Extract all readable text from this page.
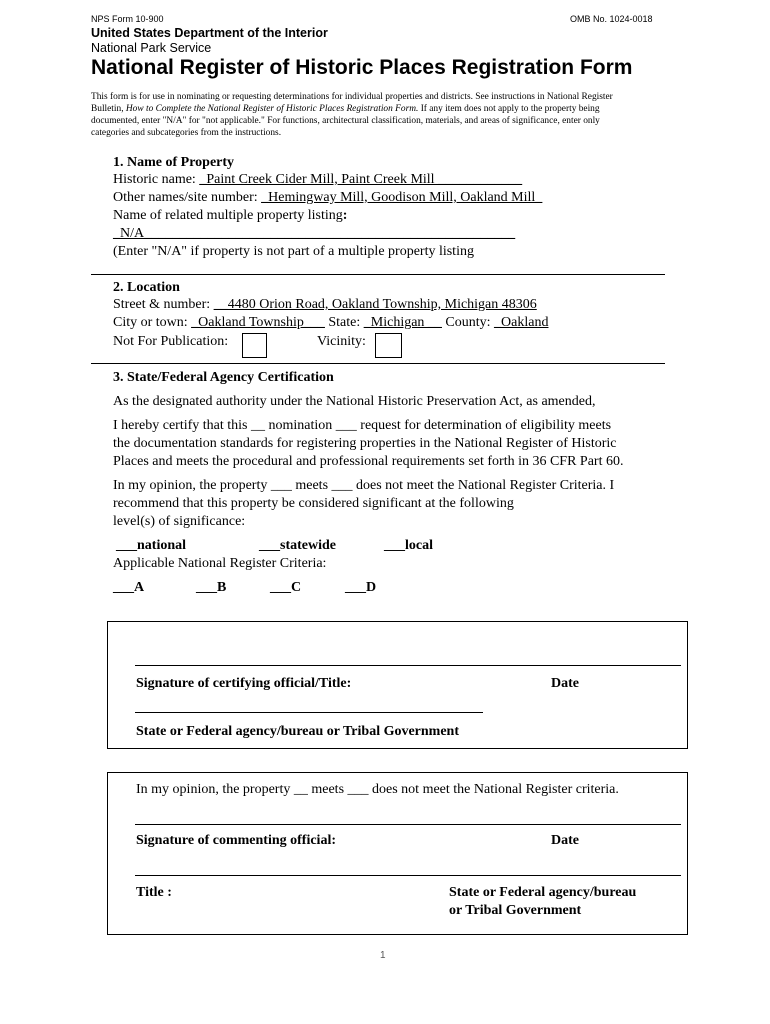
NPS Form 10-900	OMB No. 1024-0018
United States Department of the Interior
National Park Service
National Register of Historic Places Registration Form
This form is for use in nominating or requesting determinations for individual properties and districts. See instructions in National Register
Bulletin, How to Complete the National Register of Historic Places Registration Form. If any item does not apply to the property being
documented, enter "N/A" for "not applicable." For functions, architectural classification, materials, and areas of significance, enter only
categories and subcategories from the instructions.
1. Name of Property
Historic name: _Paint Creek Cider Mill, Paint Creek Mill ____________
Other names/site number: _Hemingway Mill, Goodison Mill, Oakland Mill_
Name of related multiple property listing:
_N/A_____________________________________________________
(Enter "N/A" if property is not part of a multiple property listing
2. Location
Street & number: __4480 Orion Road, Oakland Township, Michigan 48306
City or town: _Oakland Township___ State: _Michigan __ County: _Oakland
Not For Publication:	Vicinity:
3. State/Federal Agency Certification
As the designated authority under the National Historic Preservation Act, as amended,
I hereby certify that this __ nomination ___ request for determination of eligibility meets
the documentation standards for registering properties in the National Register of Historic
Places and meets the procedural and professional requirements set forth in 36 CFR Part 60.
In my opinion, the property ___ meets ___ does not meet the National Register Criteria. I
recommend that this property be considered significant at the following
level(s) of significance:
___national	___statewide	___local
Applicable National Register Criteria:
___A	___B	___C	___D
Signature of certifying official/Title:	Date
State or Federal agency/bureau or Tribal Government
In my opinion, the property __ meets ___ does not meet the National Register criteria.
Signature of commenting official:	Date
Title :	State or Federal agency/bureau
or Tribal Government
1
